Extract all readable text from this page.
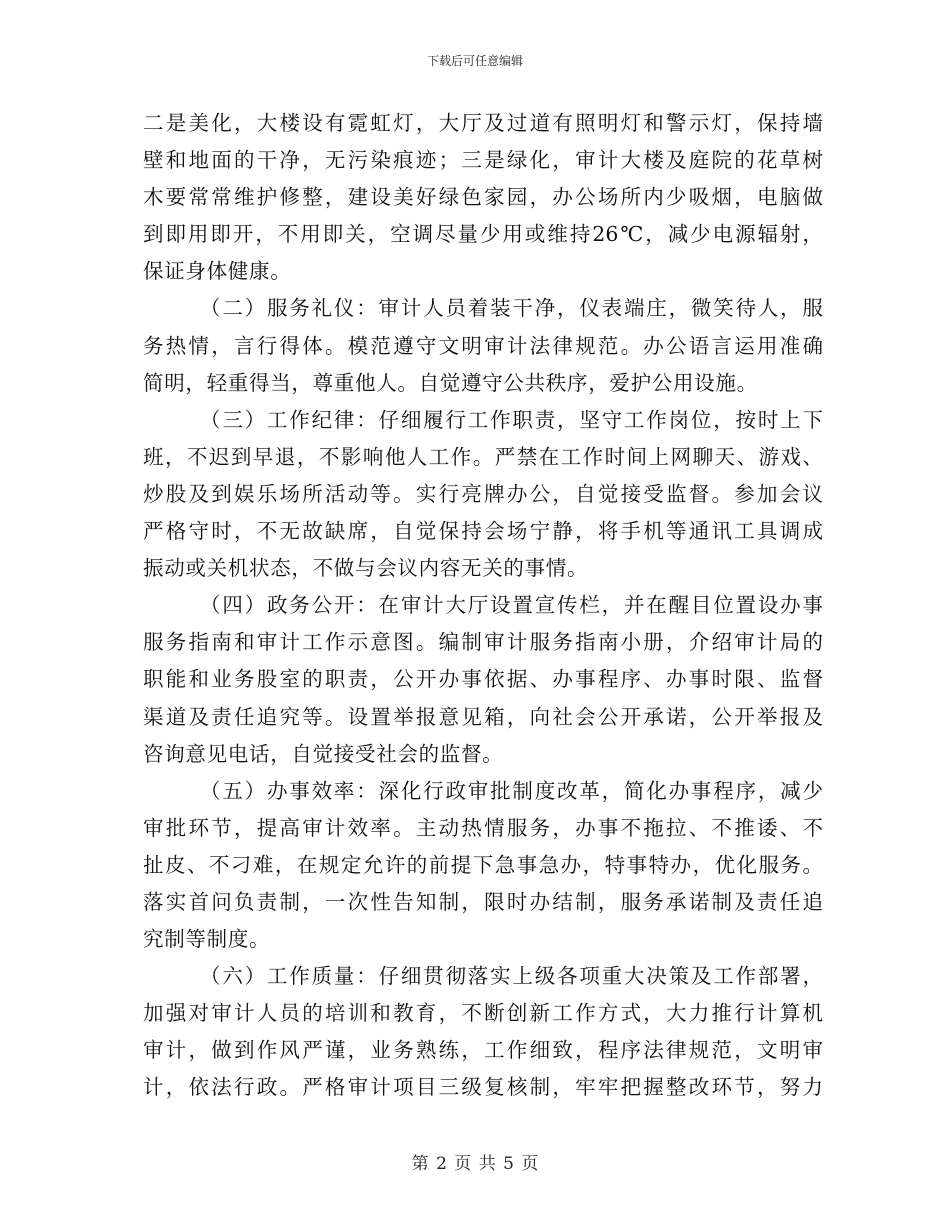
下载后可任意编辑
二是美化，大楼设有霓虹灯，大厅及过道有照明灯和警示灯，保持墙
壁和地面的干净，无污染痕迹；三是绿化，审计大楼及庭院的花草树
木要常常维护修整，建设美好绿色家园，办公场所内少吸烟，电脑做
到即用即开，不用即关，空调尽量少用或维持26℃，减少电源辐射，
保证身体健康。
（二）服务礼仪：审计人员着装干净，仪表端庄，微笑待人，服
务热情，言行得体。模范遵守文明审计法律规范。办公语言运用准确
简明，轻重得当，尊重他人。自觉遵守公共秩序，爱护公用设施。
（三）工作纪律：仔细履行工作职责，坚守工作岗位，按时上下
班，不迟到早退，不影响他人工作。严禁在工作时间上网聊天、游戏、
炒股及到娱乐场所活动等。实行亮牌办公，自觉接受监督。参加会议
严格守时，不无故缺席，自觉保持会场宁静，将手机等通讯工具调成
振动或关机状态，不做与会议内容无关的事情。
（四）政务公开：在审计大厅设置宣传栏，并在醒目位置设办事
服务指南和审计工作示意图。编制审计服务指南小册，介绍审计局的
职能和业务股室的职责，公开办事依据、办事程序、办事时限、监督
渠道及责任追究等。设置举报意见箱，向社会公开承诺，公开举报及
咨询意见电话，自觉接受社会的监督。
（五）办事效率：深化行政审批制度改革，简化办事程序，减少
审批环节，提高审计效率。主动热情服务，办事不拖拉、不推诿、不
扯皮、不刁难，在规定允许的前提下急事急办，特事特办，优化服务。
落实首问负责制，一次性告知制，限时办结制，服务承诺制及责任追
究制等制度。
（六）工作质量：仔细贯彻落实上级各项重大决策及工作部署，
加强对审计人员的培训和教育，不断创新工作方式，大力推行计算机
审计，做到作风严谨，业务熟练，工作细致，程序法律规范，文明审
计，依法行政。严格审计项目三级复核制，牢牢把握整改环节，努力
第 2 页 共 5 页
